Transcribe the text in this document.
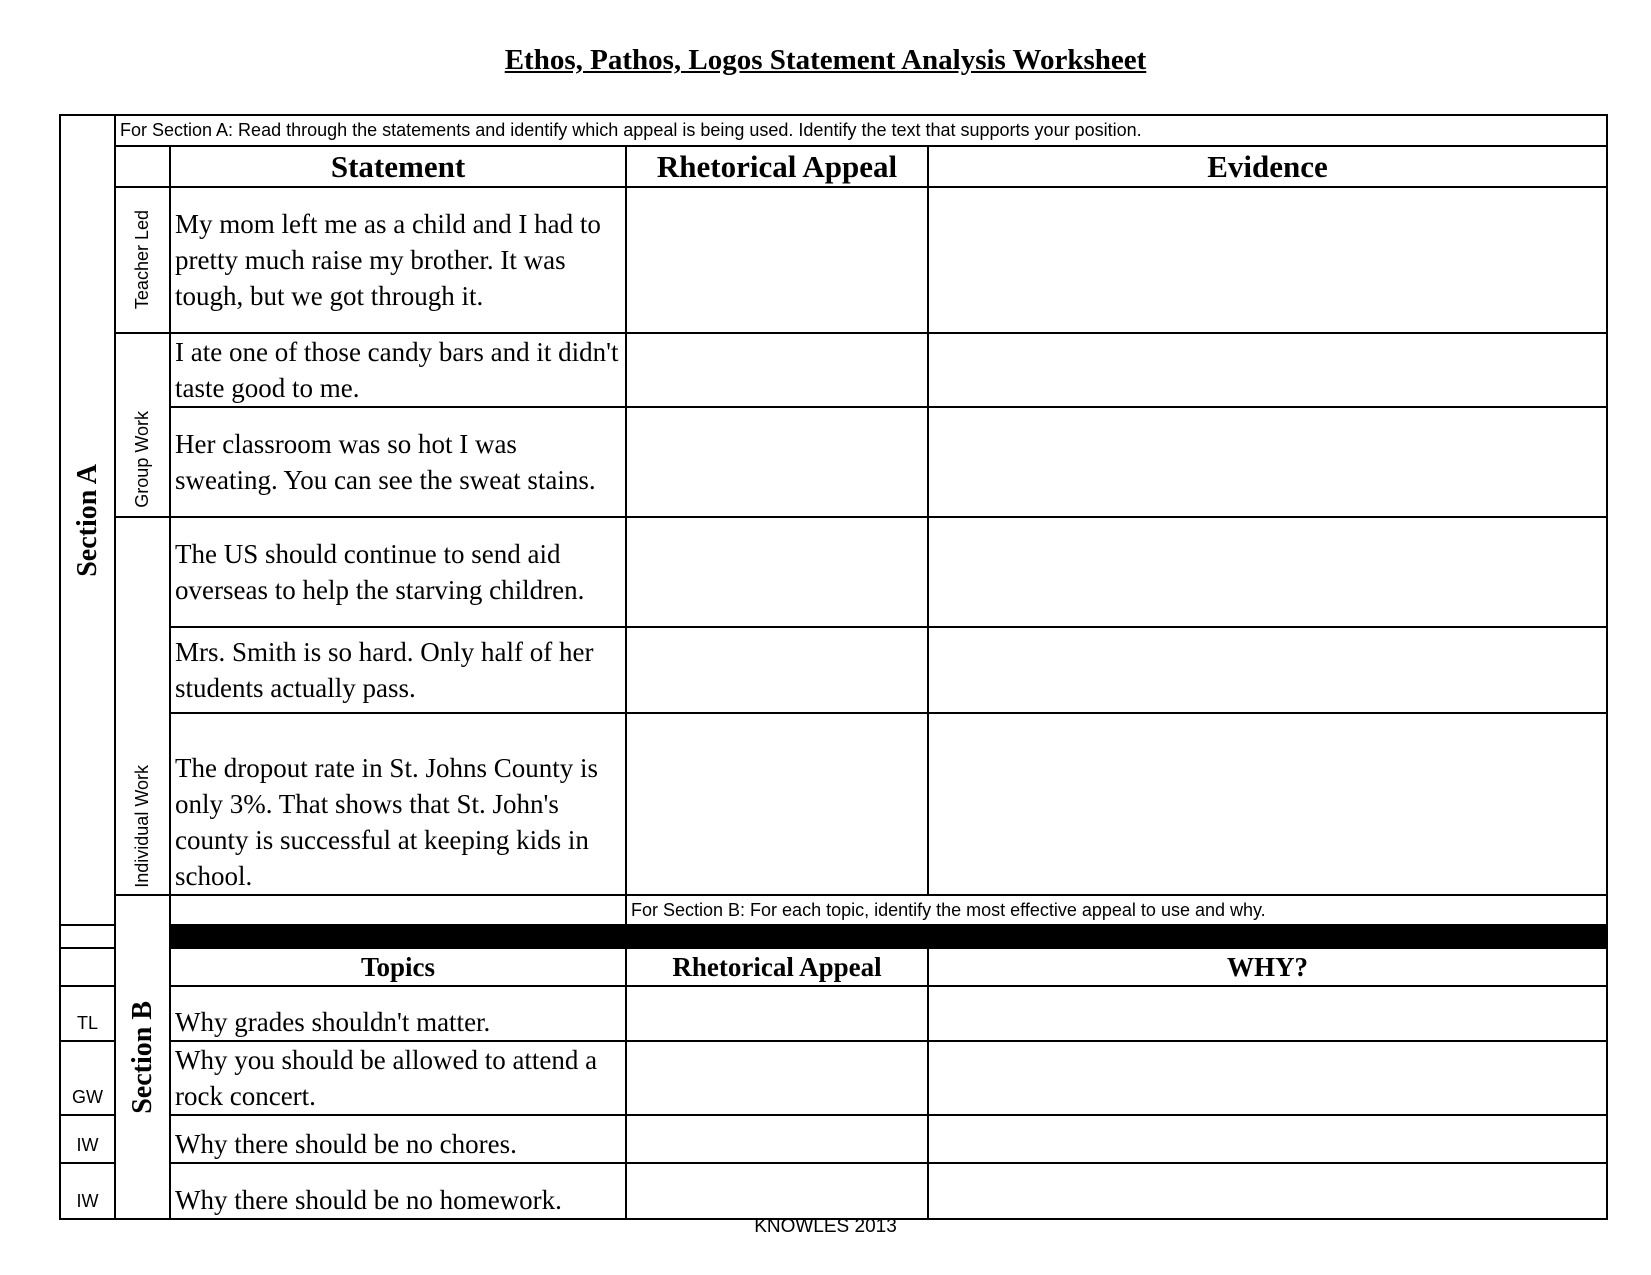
Ethos, Pathos, Logos Statement Analysis Worksheet
Section A	For Section A: Read through the statements and identify which appeal is being used. Identify the text that supports your position.			
		Statement	Rhetorical Appeal	Evidence

	Teacher Led	My mom left me as a child and I had to pretty much raise my brother. It was tough, but we got through it.		

	Group Work	I ate one of those candy bars and it didn't taste good to me.		
		Her classroom was so hot I was sweating. You can see the sweat stains.		

	Individual Work	The US should continue to send aid overseas to help the starving children.		
		Mrs. Smith is so hard. Only half of her students actually pass.		
		The dropout rate in St. Johns County is only 3%. That shows that St. John's county is successful at keeping kids in school.		

	Section B		For Section B: For each topic, identify the most effective appeal to use and why.	

		Topics	Rhetorical Appeal	WHY?
TL		Why grades shouldn't matter.		
GW		Why you should be allowed to attend a rock concert.		
IW		Why there should be no chores.		
IW		Why there should be no homework.		
KNOWLES 2013
